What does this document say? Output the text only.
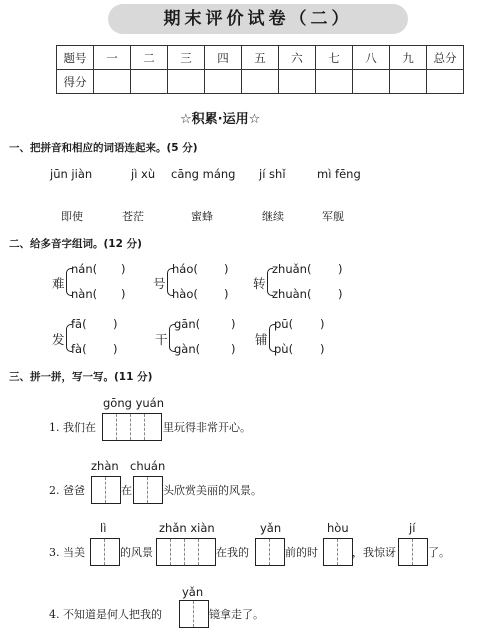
期末评价试卷（二）
题号	一	二	三	四	五	六	七	八	九	总分
得分										
☆积累·运用☆
一、把拼音和相应的词语连起来。(5 分)
jūn jiàn	jì xù cāng máng jí shǐ	mì fēng
即使	苍茫	蜜蜂	继续	军舰
二、给多音字组词。(12 分)
难
nán( )
nàn( )
号
háo( )
hào( )
转
zhuǎn( )
zhuàn( )
发
fā( )
fà( )
干
gān(	)
gàn(	)
铺
pū( )
pù( )
三、拼一拼，写一写。(11 分)
gōng yuán
1. 我们在	里玩得非常开心。
zhàn chuán
2. 爸爸	在	头欣赏美丽的风景。
lì	zhǎn xiàn	yǎn	hòu	jí
3. 当美	的风景	在我的	前的时	，我惊讶	了。
yǎn
4. 不知道是何人把我的	镜拿走了。
